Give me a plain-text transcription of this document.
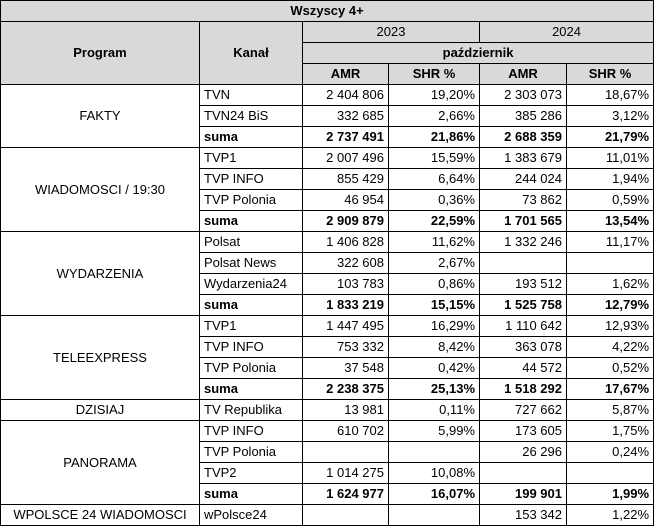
Wszyscy 4+					
Program	Kanał	2023		2024	
		październik			
		AMR	SHR %	AMR	SHR %
FAKTY	TVN	2 404 806	19,20%	2 303 073	18,67%
	TVN24 BiS	332 685	2,66%	385 286	3,12%
	suma	2 737 491	21,86%	2 688 359	21,79%
WIADOMOSCI / 19:30	TVP1	2 007 496	15,59%	1 383 679	11,01%
	TVP INFO	855 429	6,64%	244 024	1,94%
	TVP Polonia	46 954	0,36%	73 862	0,59%
	suma	2 909 879	22,59%	1 701 565	13,54%
WYDARZENIA	Polsat	1 406 828	11,62%	1 332 246	11,17%
	Polsat News	322 608	2,67%		
	Wydarzenia24	103 783	0,86%	193 512	1,62%
	suma	1 833 219	15,15%	1 525 758	12,79%
TELEEXPRESS	TVP1	1 447 495	16,29%	1 110 642	12,93%
	TVP INFO	753 332	8,42%	363 078	4,22%
	TVP Polonia	37 548	0,42%	44 572	0,52%
	suma	2 238 375	25,13%	1 518 292	17,67%
DZISIAJ	TV Republika	13 981	0,11%	727 662	5,87%
PANORAMA	TVP INFO	610 702	5,99%	173 605	1,75%
	TVP Polonia			26 296	0,24%
	TVP2	1 014 275	10,08%		
	suma	1 624 977	16,07%	199 901	1,99%
WPOLSCE 24 WIADOMOSCI	wPolsce24			153 342	1,22%
